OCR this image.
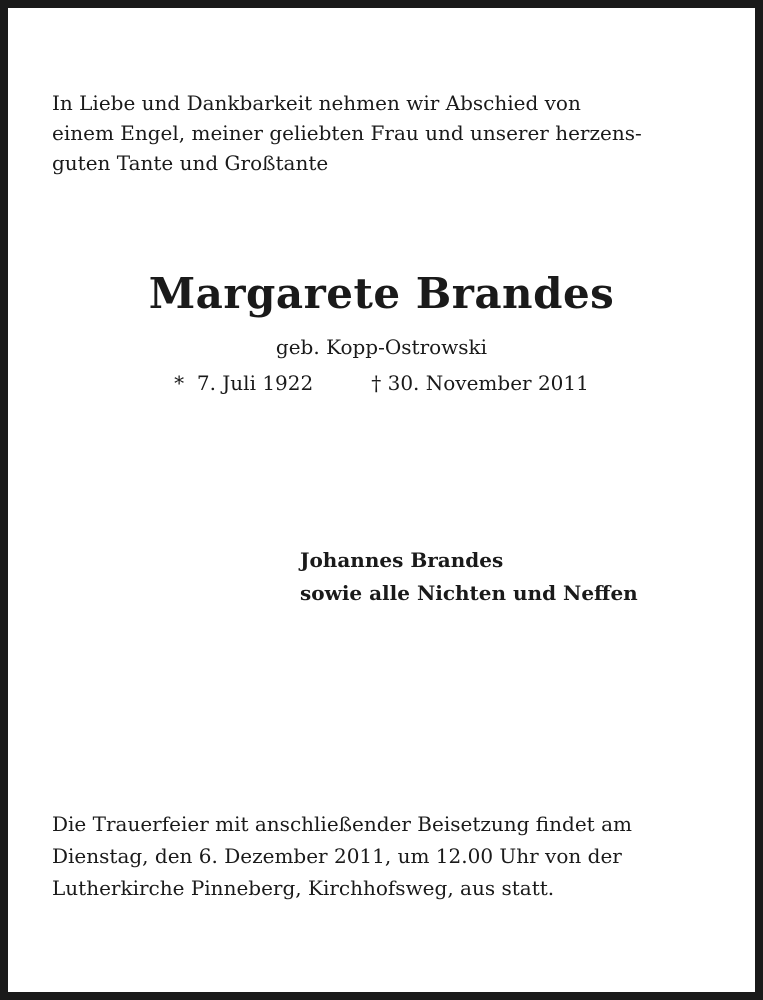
In Liebe und Dankbarkeit nehmen wir Abschied von

einem Engel, meiner geliebten Frau und unserer herzens-

guten Tante und Großtante

Margarete Brandes
geb. Kopp-Ostrowski
*  7. Juli 1922	† 30. November 2011
Johannes Brandes
sowie alle Nichten und Neffen

Die Trauerfeier mit anschließender Beisetzung findet am

Dienstag, den 6. Dezember 2011, um 12.00 Uhr von der

Lutherkirche Pinneberg, Kirchhofsweg, aus statt.
